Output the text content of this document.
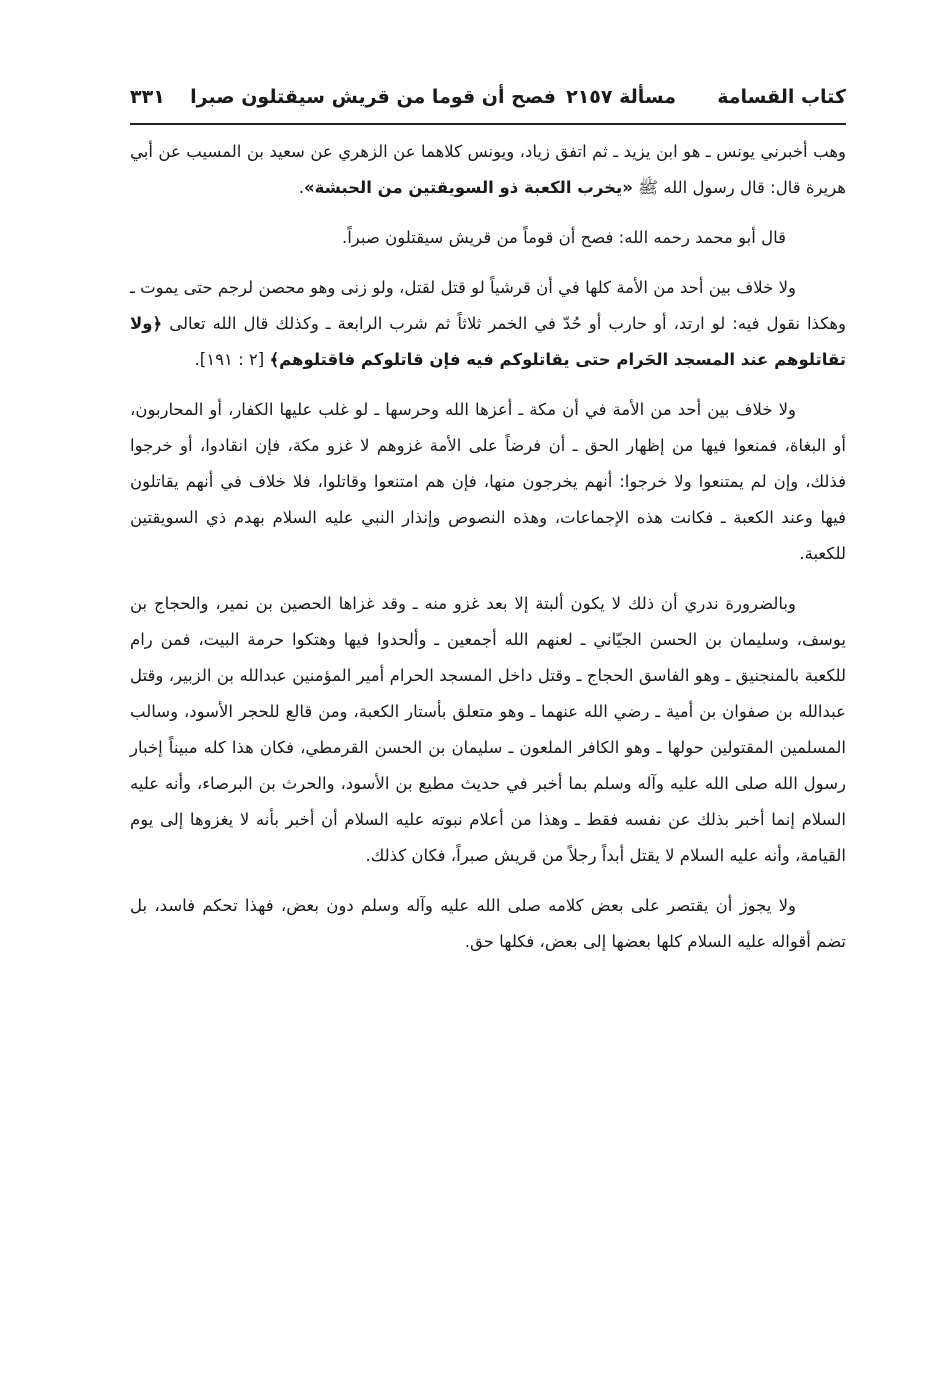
كتاب القسامة
مسألة ٢١٥٧
فصح أن قوما من قريش سيقتلون صبرا
٣٣١

وهب أخبرني يونس ـ هو ابن يزيد ـ ثم اتفق زياد، ويونس كلاهما عن الزهري عن سعيد بن المسيب عن أبي هريرة قال: قال رسول الله ﷺ «يخرب الكعبة ذو السويقتين من الحبشة».

قال أبو محمد رحمه الله: فصح أن قوماً من قريش سيقتلون صبراً.

ولا خلاف بين أحد من الأمة كلها في أن قرشياً لو قتل لقتل، ولو زنى وهو محصن لرجم حتى يموت ـ وهكذا نقول فيه: لو ارتد، أو حارب أو حُدّ في الخمر ثلاثاً ثم شرب الرابعة ـ وكذلك قال الله تعالى ﴿ولا تقاتلوهم عند المسجد الحَرام حتى يقاتلوكم فيه فإن قاتلوكم فاقتلوهم﴾ [٢ : ١٩١].

ولا خلاف بين أحد من الأمة في أن مكة ـ أعزها الله وحرسها ـ لو غلب عليها الكفار، أو المحاربون، أو البغاة، فمنعوا فيها من إظهار الحق ـ أن فرضاً على الأمة غزوهم لا غزو مكة، فإن انقادوا، أو خرجوا فذلك، وإن لم يمتنعوا ولا خرجوا: أنهم يخرجون منها، فإن هم امتنعوا وقاتلوا، فلا خلاف في أنهم يقاتلون فيها وعند الكعبة ـ فكانت هذه الإجماعات، وهذه النصوص وإنذار النبي عليه السلام بهدم ذي السويقتين للكعبة.

وبالضرورة ندري أن ذلك لا يكون ألبتة إلا بعد غزو منه ـ وقد غزاها الحصين بن نمير، والحجاج بن يوسف، وسليمان بن الحسن الجيّاني ـ لعنهم الله أجمعين ـ وألحدوا فيها وهتكوا حرمة البيت، فمن رام للكعبة بالمنجنيق ـ وهو الفاسق الحجاج ـ وقتل داخل المسجد الحرام أمير المؤمنين عبدالله بن الزبير، وقتل عبدالله بن صفوان بن أمية ـ رضي الله عنهما ـ وهو متعلق بأستار الكعبة، ومن قالع للحجر الأسود، وسالب المسلمين المقتولين حولها ـ وهو الكافر الملعون ـ سليمان بن الحسن القرمطي، فكان هذا كله مبيناً إخبار رسول الله صلى الله عليه وآله وسلم بما أخبر في حديث مطيع بن الأسود، والحرث بن البرصاء، وأنه عليه السلام إنما أخبر بذلك عن نفسه فقط ـ وهذا من أعلام نبوته عليه السلام أن أخبر بأنه لا يغزوها إلى يوم القيامة، وأنه عليه السلام لا يقتل أبداً رجلاً من قريش صبراً، فكان كذلك.

ولا يجوز أن يقتصر على بعض كلامه صلى الله عليه وآله وسلم دون بعض، فهذا تحكم فاسد، بل تضم أقواله عليه السلام كلها بعضها إلى بعض، فكلها حق.
